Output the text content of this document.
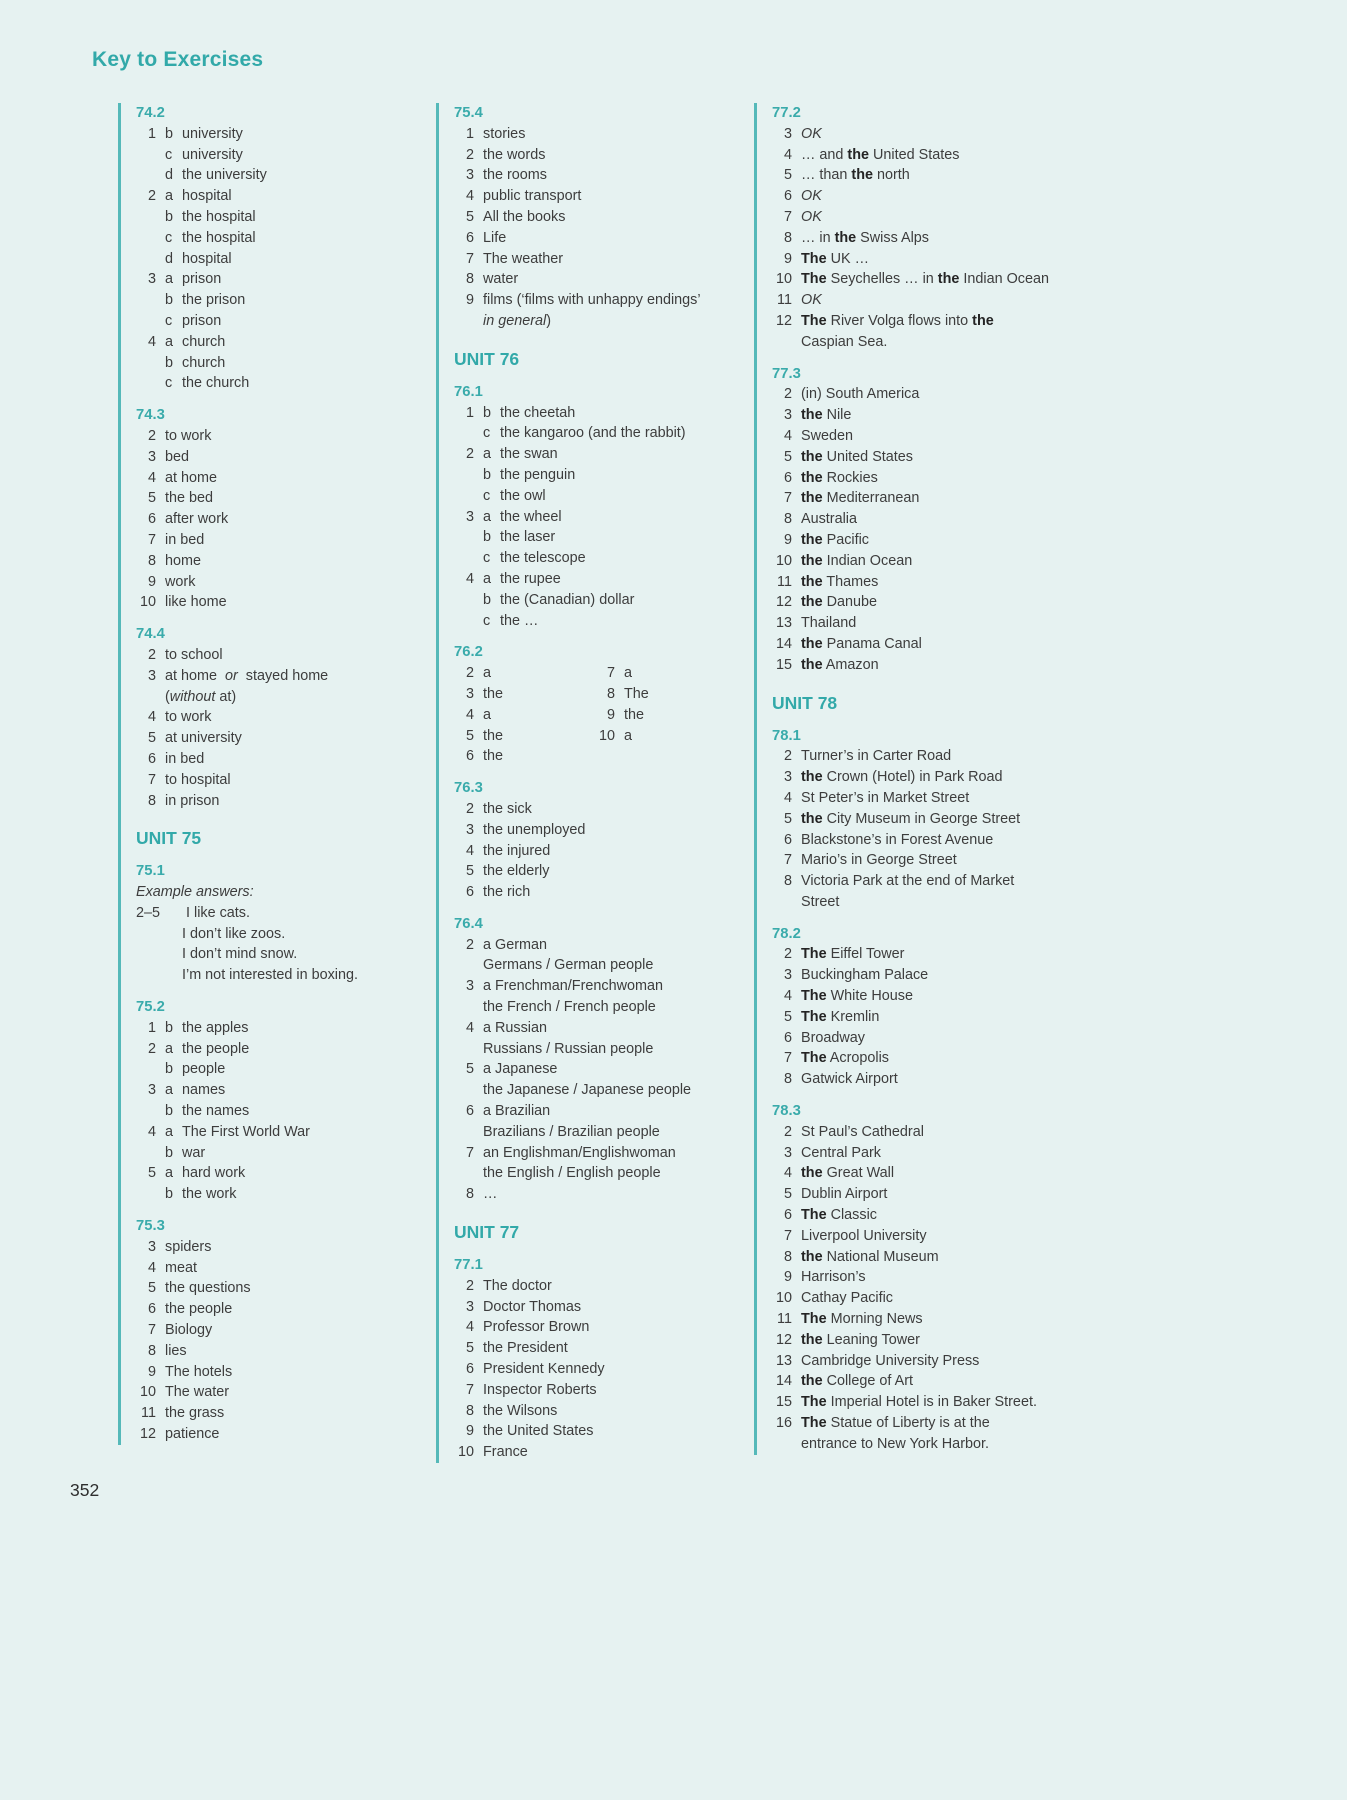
Key to Exercises
74.2
1 b university
c university
d the university
2 a hospital
b the hospital
c the hospital
d hospital
3 a prison
b the prison
c prison
4 a church
b church
c the church
74.3
2 to work
3 bed
4 at home
5 the bed
6 after work
7 in bed
8 home
9 work
10 like home
74.4
2 to school
3 at home  or  stayed home
(without at)
4 to work
5 at university
6 in bed
7 to hospital
8 in prison
UNIT 75
75.1
Example answers:
2–5 I like cats.
I don’t like zoos.
I don’t mind snow.
I’m not interested in boxing.
75.2
1 b the apples
2 a the people
b people
3 a names
b the names
4 a The First World War
b war
5 a hard work
b the work
75.3
3 spiders
4 meat
5 the questions
6 the people
7 Biology
8 lies
9 The hotels
10 The water
11 the grass
12 patience
75.4
1 stories
2 the words
3 the rooms
4 public transport
5 All the books
6 Life
7 The weather
8 water
9 films (‘films with unhappy endings’
in general)
UNIT 76
76.1
1 b the cheetah
c the kangaroo (and the rabbit)
2 a the swan
b the penguin
c the owl
3 a the wheel
b the laser
c the telescope
4 a the rupee
b the (Canadian) dollar
c the …
76.2
2 a	7 a
3 the	8 The
4 a	9 the
5 the	10 a
6 the
76.3
2 the sick
3 the unemployed
4 the injured
5 the elderly
6 the rich
76.4
2 a German
Germans / German people
3 a Frenchman/Frenchwoman
the French / French people
4 a Russian
Russians / Russian people
5 a Japanese
the Japanese / Japanese people
6 a Brazilian
Brazilians / Brazilian people
7 an Englishman/Englishwoman
the English / English people
8 …
UNIT 77
77.1
2 The doctor
3 Doctor Thomas
4 Professor Brown
5 the President
6 President Kennedy
7 Inspector Roberts
8 the Wilsons
9 the United States
10 France
77.2
3 OK
4 … and the United States
5 … than the north
6 OK
7 OK
8 … in the Swiss Alps
9 The UK …
10 The Seychelles … in the Indian Ocean
11 OK
12 The River Volga flows into the
Caspian Sea.
77.3
2 (in) South America
3 the Nile
4 Sweden
5 the United States
6 the Rockies
7 the Mediterranean
8 Australia
9 the Pacific
10 the Indian Ocean
11 the Thames
12 the Danube
13 Thailand
14 the Panama Canal
15 the Amazon
UNIT 78
78.1
2 Turner’s in Carter Road
3 the Crown (Hotel) in Park Road
4 St Peter’s in Market Street
5 the City Museum in George Street
6 Blackstone’s in Forest Avenue
7 Mario’s in George Street
8 Victoria Park at the end of Market
Street
78.2
2 The Eiffel Tower
3 Buckingham Palace
4 The White House
5 The Kremlin
6 Broadway
7 The Acropolis
8 Gatwick Airport
78.3
2 St Paul’s Cathedral
3 Central Park
4 the Great Wall
5 Dublin Airport
6 The Classic
7 Liverpool University
8 the National Museum
9 Harrison’s
10 Cathay Pacific
11 The Morning News
12 the Leaning Tower
13 Cambridge University Press
14 the College of Art
15 The Imperial Hotel is in Baker Street.
16 The Statue of Liberty is at the
entrance to New York Harbor.
352
